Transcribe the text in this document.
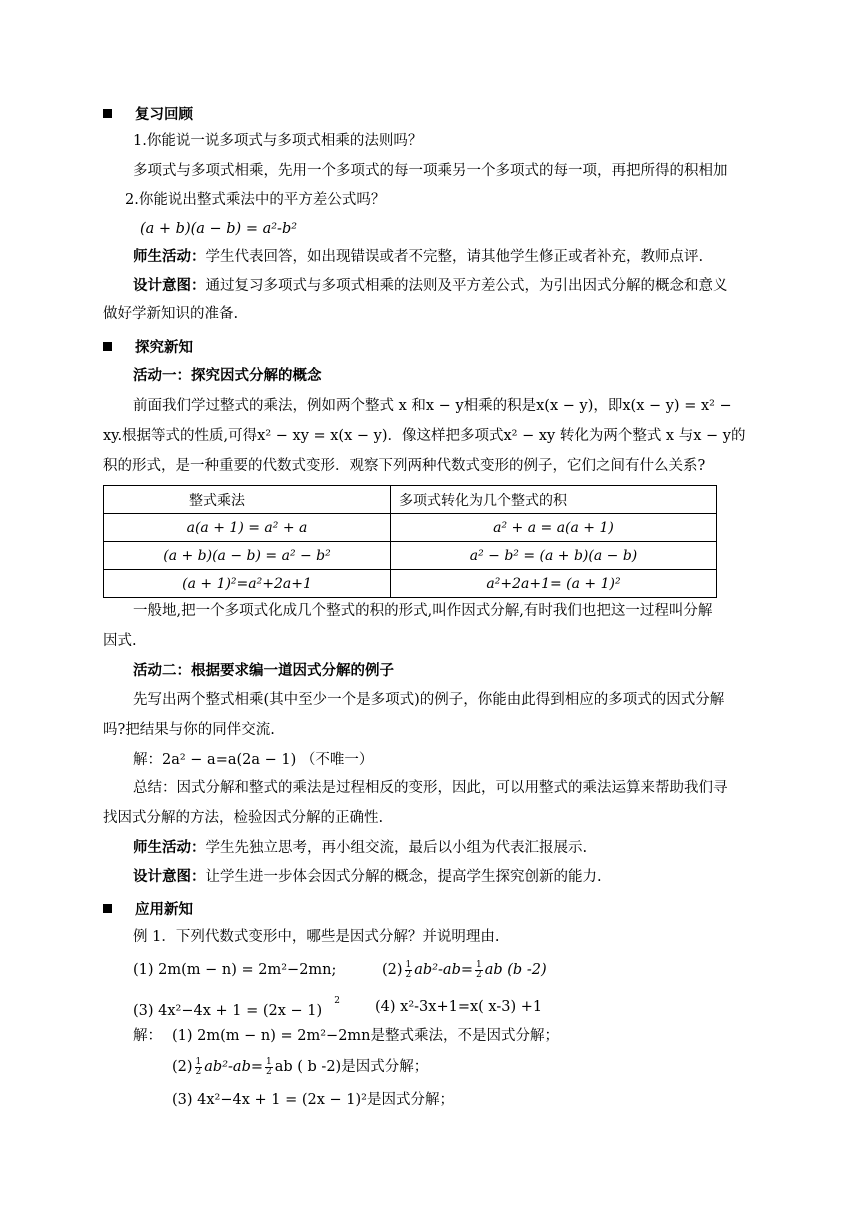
复习回顾
1.你能说一说多项式与多项式相乘的法则吗？
多项式与多项式相乘，先用一个多项式的每一项乘另一个多项式的每一项，再把所得的积相加
2.你能说出整式乘法中的平方差公式吗？
(a + b)(a − b) = a²-b²
师生活动：学生代表回答，如出现错误或者不完整，请其他学生修正或者补充，教师点评.
设计意图：通过复习多项式与多项式相乘的法则及平方差公式，为引出因式分解的概念和意义
做好学新知识的准备.
探究新知
活动一：探究因式分解的概念
前面我们学过整式的乘法，例如两个整式 x 和x − y相乘的积是x(x − y)，即x(x − y) = x² −
xy.根据等式的性质,可得x² − xy = x(x − y)．像这样把多项式x² − xy 转化为两个整式 x 与x − y的
积的形式，是一种重要的代数式变形．观察下列两种代数式变形的例子，它们之间有什么关系?
整式乘法	多项式转化为几个整式的积
a(a + 1) = a² + a	a² + a = a(a + 1)
(a + b)(a − b) = a² − b²	a² − b² = (a + b)(a − b)
(a + 1)²=a²+2a+1	a²+2a+1= (a + 1)²
一般地,把一个多项式化成几个整式的积的形式,叫作因式分解,有时我们也把这一过程叫分解
因式.
活动二：根据要求编一道因式分解的例子
先写出两个整式相乘(其中至少一个是多项式)的例子，你能由此得到相应的多项式的因式分解
吗?把结果与你的同伴交流.
解：2a² − a=a(2a − 1) （不唯一）
总结：因式分解和整式的乘法是过程相反的变形，因此，可以用整式的乘法运算来帮助我们寻
找因式分解的方法，检验因式分解的正确性.
师生活动：学生先独立思考，再小组交流，最后以小组为代表汇报展示.
设计意图：让学生进一步体会因式分解的概念，提高学生探究创新的能力.
应用新知
例 1．下列代数式变形中，哪些是因式分解？并说明理由.
(1) 2m(m − n) = 2m²−2mn;	$(2) \frac{1}{2} ab^2-ab= \frac{1}{2}$ ab (b -2)
(3) $4x^2-4x + 1 = (2x - 1)^2$ (4) x²-3x+1=x( x-3) +1
解： (1) 2m(m − n) = 2m²−2mn是整式乘法，不是因式分解；
$(2) \frac{1}{2} ab^2-ab= \frac{1}{2}$ ab ( b -2)是因式分解；
(3) 4x²−4x + 1 = (2x − 1)²是因式分解；
